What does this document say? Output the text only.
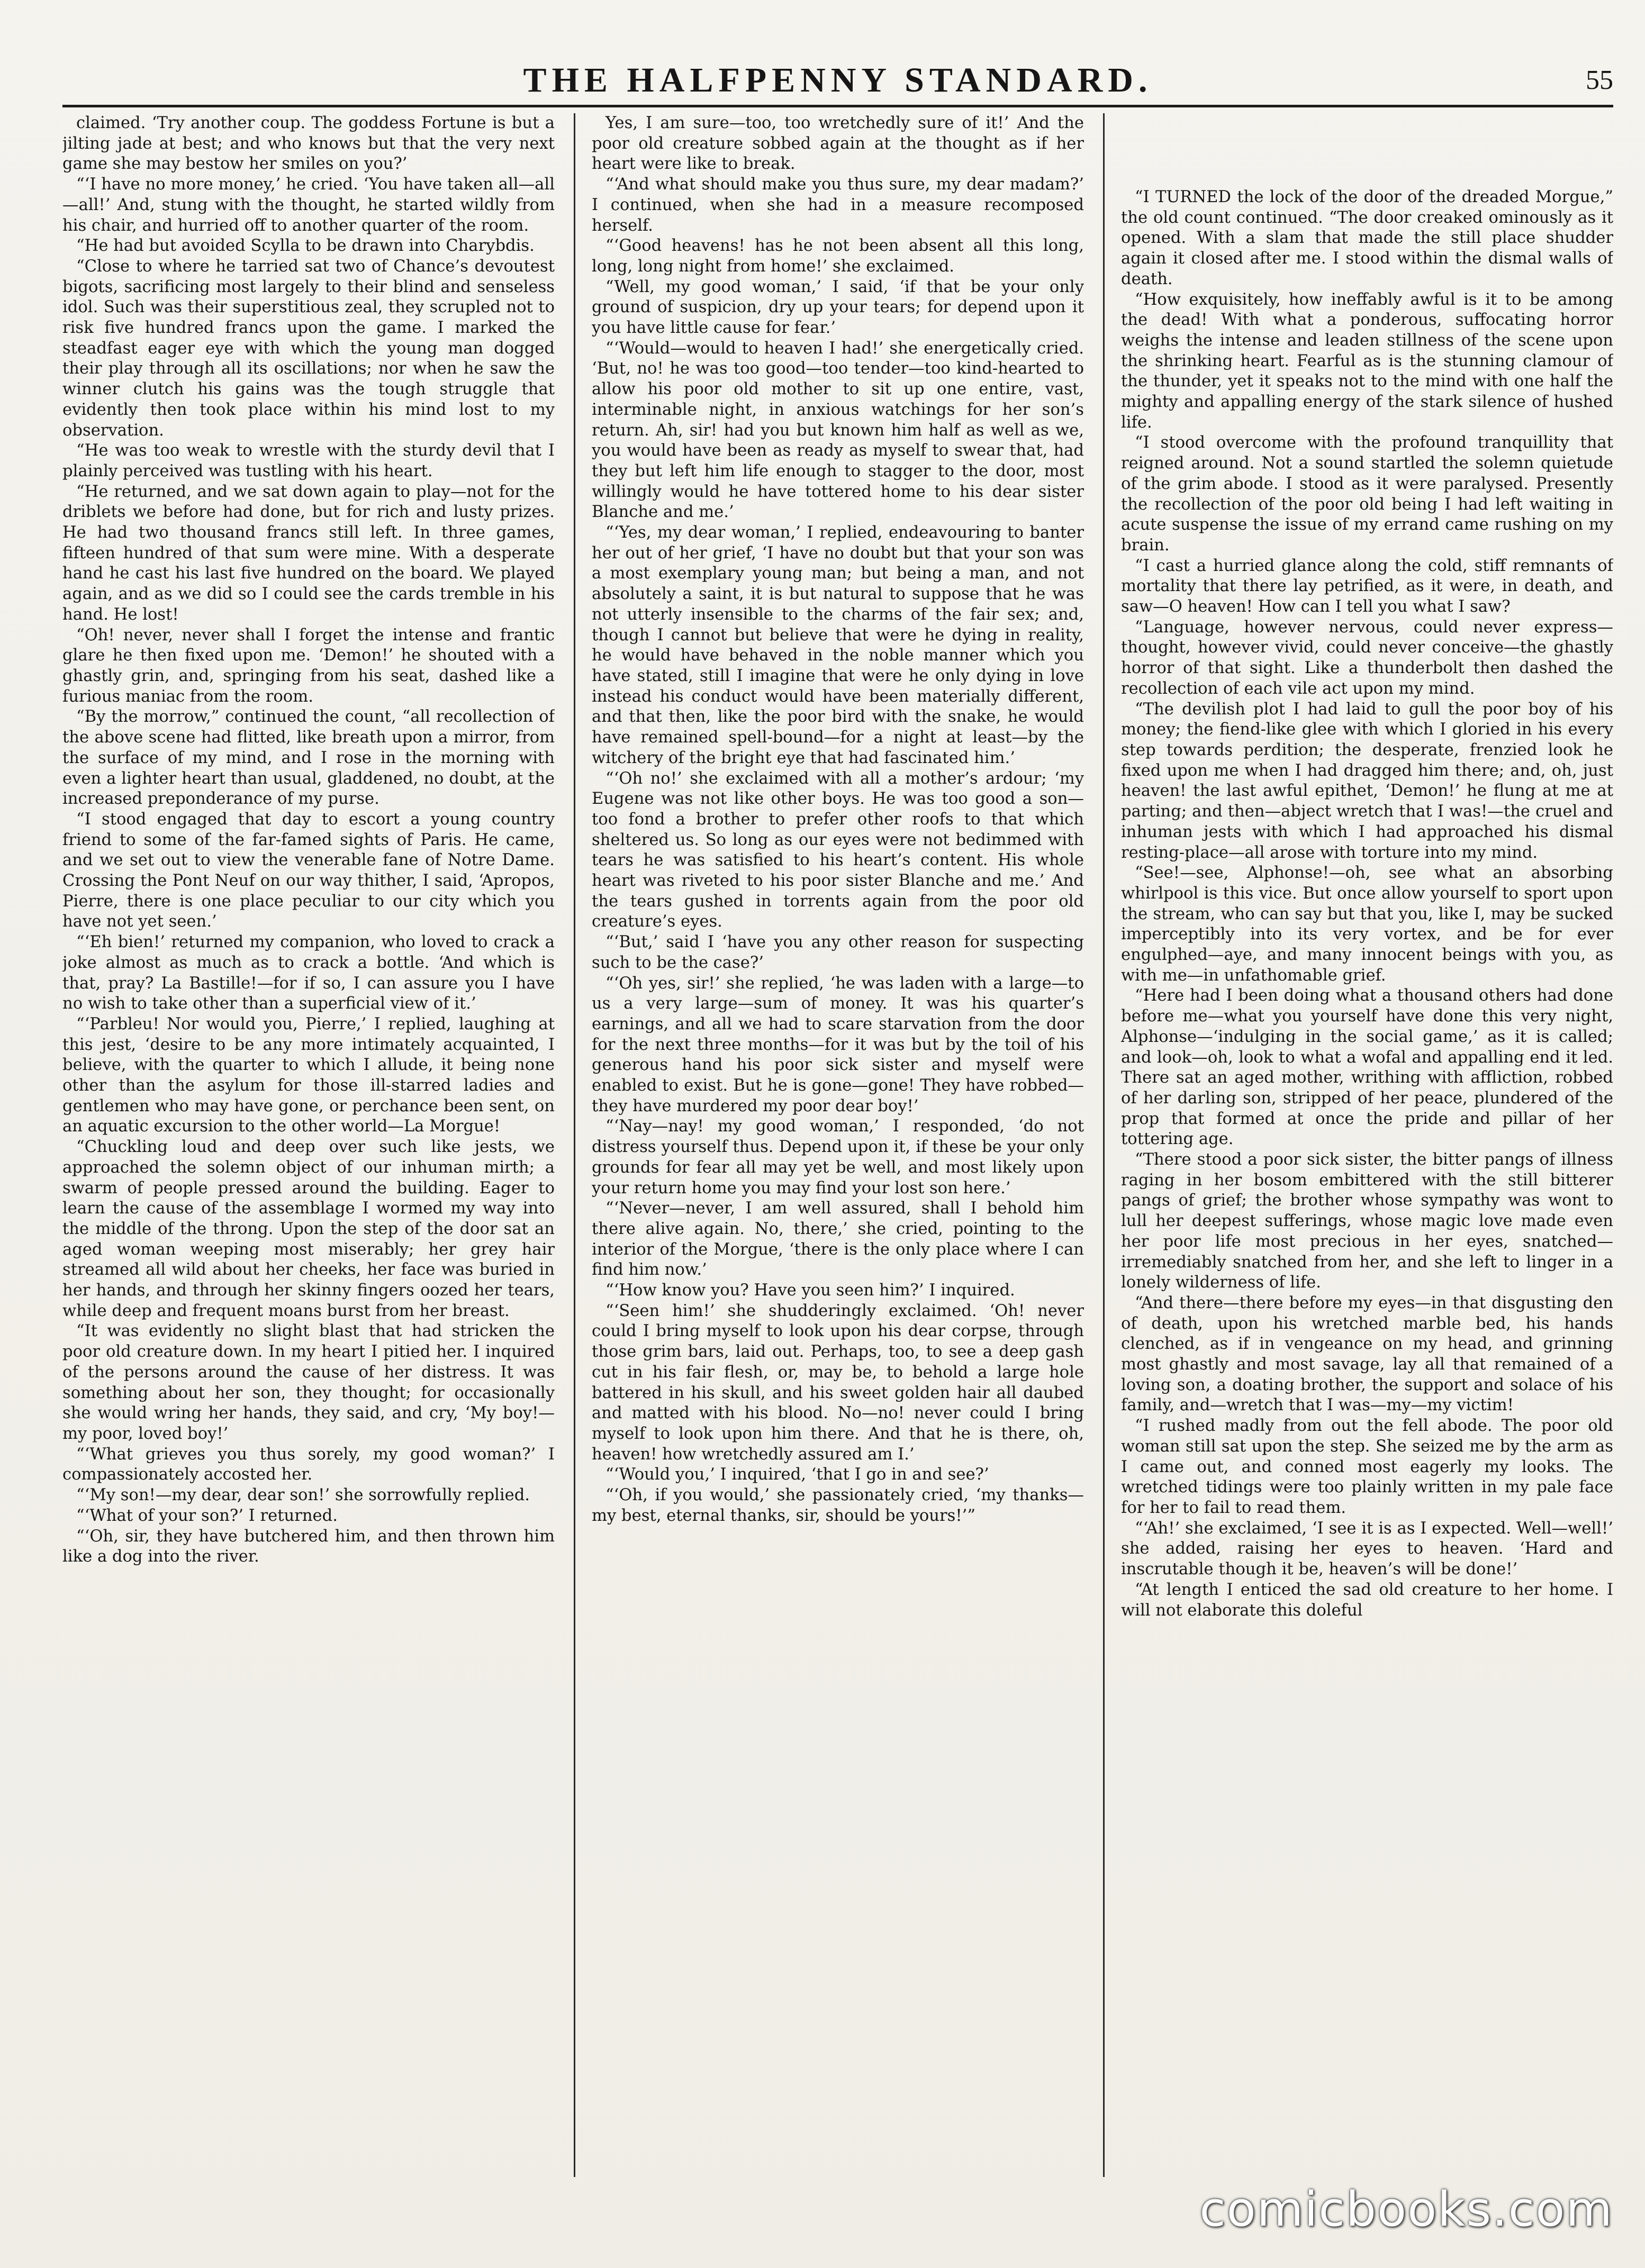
THE HALFPENNY STANDARD.	55

claimed. ‘Try another coup. The goddess Fortune is but a jilting jade at best; and who knows but that the very next game she may bestow her smiles on you?’

“‘I have no more money,’ he cried. ‘You have taken all—all—all!’ And, stung with the thought, he started wildly from his chair, and hurried off to another quarter of the room.

“He had but avoided Scylla to be drawn into Charybdis.

“Close to where he tarried sat two of Chance’s devoutest bigots, sacrificing most largely to their blind and senseless idol. Such was their superstitious zeal, they scrupled not to risk five hundred francs upon the game. I marked the steadfast eager eye with which the young man dogged their play through all its oscillations; nor when he saw the winner clutch his gains was the tough struggle that evidently then took place within his mind lost to my observation.

“He was too weak to wrestle with the sturdy devil that I plainly perceived was tustling with his heart.

“He returned, and we sat down again to play—not for the driblets we before had done, but for rich and lusty prizes. He had two thousand francs still left. In three games, fifteen hundred of that sum were mine. With a desperate hand he cast his last five hundred on the board. We played again, and as we did so I could see the cards tremble in his hand. He lost!

“Oh! never, never shall I forget the intense and frantic glare he then fixed upon me. ‘Demon!’ he shouted with a ghastly grin, and, springing from his seat, dashed like a furious maniac from the room.

“By the morrow,” continued the count, “all recollection of the above scene had flitted, like breath upon a mirror, from the surface of my mind, and I rose in the morning with even a lighter heart than usual, gladdened, no doubt, at the increased preponderance of my purse.

“I stood engaged that day to escort a young country friend to some of the far-famed sights of Paris. He came, and we set out to view the venerable fane of Notre Dame. Crossing the Pont Neuf on our way thither, I said, ‘Apropos, Pierre, there is one place peculiar to our city which you have not yet seen.’

“‘Eh bien!’ returned my companion, who loved to crack a joke almost as much as to crack a bottle. ‘And which is that, pray? La Bastille!—for if so, I can assure you I have no wish to take other than a superficial view of it.’

“‘Parbleu! Nor would you, Pierre,’ I replied, laughing at this jest, ‘desire to be any more intimately acquainted, I believe, with the quarter to which I allude, it being none other than the asylum for those ill-starred ladies and gentlemen who may have gone, or perchance been sent, on an aquatic excursion to the other world—La Morgue!

“Chuckling loud and deep over such like jests, we approached the solemn object of our inhuman mirth; a swarm of people pressed around the building. Eager to learn the cause of the assemblage I wormed my way into the middle of the throng. Upon the step of the door sat an aged woman weeping most miserably; her grey hair streamed all wild about her cheeks, her face was buried in her hands, and through her skinny fingers oozed her tears, while deep and frequent moans burst from her breast.

“It was evidently no slight blast that had stricken the poor old creature down. In my heart I pitied her. I inquired of the persons around the cause of her distress. It was something about her son, they thought; for occasionally she would wring her hands, they said, and cry, ‘My boy!—my poor, loved boy!’

“‘What grieves you thus sorely, my good woman?’ I compassionately accosted her.

“‘My son!—my dear, dear son!’ she sorrowfully replied.

“‘What of your son?’ I returned.

“‘Oh, sir, they have butchered him, and then thrown him like a dog into the river.

Yes, I am sure—too, too wretchedly sure of it!’ And the poor old creature sobbed again at the thought as if her heart were like to break.

“‘And what should make you thus sure, my dear madam?’ I continued, when she had in a measure recomposed herself.

“‘Good heavens! has he not been absent all this long, long, long night from home!’ she exclaimed.

“Well, my good woman,’ I said, ‘if that be your only ground of suspicion, dry up your tears; for depend upon it you have little cause for fear.’

“‘Would—would to heaven I had!’ she energetically cried. ‘But, no! he was too good—too tender—too kind-hearted to allow his poor old mother to sit up one entire, vast, interminable night, in anxious watchings for her son’s return. Ah, sir! had you but known him half as well as we, you would have been as ready as myself to swear that, had they but left him life enough to stagger to the door, most willingly would he have tottered home to his dear sister Blanche and me.’

“‘Yes, my dear woman,’ I replied, endeavouring to banter her out of her grief, ‘I have no doubt but that your son was a most exemplary young man; but being a man, and not absolutely a saint, it is but natural to suppose that he was not utterly insensible to the charms of the fair sex; and, though I cannot but believe that were he dying in reality, he would have behaved in the noble manner which you have stated, still I imagine that were he only dying in love instead his conduct would have been materially different, and that then, like the poor bird with the snake, he would have remained spell-bound—for a night at least—by the witchery of the bright eye that had fascinated him.’

“‘Oh no!’ she exclaimed with all a mother’s ardour; ‘my Eugene was not like other boys. He was too good a son—too fond a brother to prefer other roofs to that which sheltered us. So long as our eyes were not bedimmed with tears he was satisfied to his heart’s content. His whole heart was riveted to his poor sister Blanche and me.’ And the tears gushed in torrents again from the poor old creature’s eyes.

“‘But,’ said I ‘have you any other reason for suspecting such to be the case?’

“‘Oh yes, sir!’ she replied, ‘he was laden with a large—to us a very large—sum of money. It was his quarter’s earnings, and all we had to scare starvation from the door for the next three months—for it was but by the toil of his generous hand his poor sick sister and myself were enabled to exist. But he is gone—gone! They have robbed—they have murdered my poor dear boy!’

“‘Nay—nay! my good woman,’ I responded, ‘do not distress yourself thus. Depend upon it, if these be your only grounds for fear all may yet be well, and most likely upon your return home you may find your lost son here.’

“‘Never—never, I am well assured, shall I behold him there alive again. No, there,’ she cried, pointing to the interior of the Morgue, ‘there is the only place where I can find him now.’

“‘How know you? Have you seen him?’ I inquired.

“‘Seen him!’ she shudderingly exclaimed. ‘Oh! never could I bring myself to look upon his dear corpse, through those grim bars, laid out. Perhaps, too, to see a deep gash cut in his fair flesh, or, may be, to behold a large hole battered in his skull, and his sweet golden hair all daubed and matted with his blood. No—no! never could I bring myself to look upon him there. And that he is there, oh, heaven! how wretchedly assured am I.’

“‘Would you,’ I inquired, ‘that I go in and see?’

“‘Oh, if you would,’ she passionately cried, ‘my thanks—my best, eternal thanks, sir, should be yours!’”

“I TURNED the lock of the door of the dreaded Morgue,” the old count continued. “The door creaked ominously as it opened. With a slam that made the still place shudder again it closed after me. I stood within the dismal walls of death.

“How exquisitely, how ineffably awful is it to be among the dead! With what a ponderous, suffocating horror weighs the intense and leaden stillness of the scene upon the shrinking heart. Fearful as is the stunning clamour of the thunder, yet it speaks not to the mind with one half the mighty and appalling energy of the stark silence of hushed life.

“I stood overcome with the profound tranquillity that reigned around. Not a sound startled the solemn quietude of the grim abode. I stood as it were paralysed. Presently the recollection of the poor old being I had left waiting in acute suspense the issue of my errand came rushing on my brain.

“I cast a hurried glance along the cold, stiff remnants of mortality that there lay petrified, as it were, in death, and saw—O heaven! How can I tell you what I saw?

“Language, however nervous, could never express—thought, however vivid, could never conceive—the ghastly horror of that sight. Like a thunderbolt then dashed the recollection of each vile act upon my mind.

“The devilish plot I had laid to gull the poor boy of his money; the fiend-like glee with which I gloried in his every step towards perdition; the desperate, frenzied look he fixed upon me when I had dragged him there; and, oh, just heaven! the last awful epithet, ‘Demon!’ he flung at me at parting; and then—abject wretch that I was!—the cruel and inhuman jests with which I had approached his dismal resting-place—all arose with torture into my mind.

“See!—see, Alphonse!—oh, see what an absorbing whirlpool is this vice. But once allow yourself to sport upon the stream, who can say but that you, like I, may be sucked imperceptibly into its very vortex, and be for ever engulphed—aye, and many innocent beings with you, as with me—in unfathomable grief.

“Here had I been doing what a thousand others had done before me—what you yourself have done this very night, Alphonse—‘indulging in the social game,’ as it is called; and look—oh, look to what a wofal and appalling end it led. There sat an aged mother, writhing with affliction, robbed of her darling son, stripped of her peace, plundered of the prop that formed at once the pride and pillar of her tottering age.

“There stood a poor sick sister, the bitter pangs of illness raging in her bosom embittered with the still bitterer pangs of grief; the brother whose sympathy was wont to lull her deepest sufferings, whose magic love made even her poor life most precious in her eyes, snatched—irremediably snatched from her, and she left to linger in a lonely wilderness of life.

“And there—there before my eyes—in that disgusting den of death, upon his wretched marble bed, his hands clenched, as if in vengeance on my head, and grinning most ghastly and most savage, lay all that remained of a loving son, a doating brother, the support and solace of his family, and—wretch that I was—my—my victim!

“I rushed madly from out the fell abode. The poor old woman still sat upon the step. She seized me by the arm as I came out, and conned most eagerly my looks. The wretched tidings were too plainly written in my pale face for her to fail to read them.

“‘Ah!’ she exclaimed, ‘I see it is as I expected. Well—well!’ she added, raising her eyes to heaven. ‘Hard and inscrutable though it be, heaven’s will be done!’

“At length I enticed the sad old creature to her home. I will not elaborate this doleful

comicbooks.com
